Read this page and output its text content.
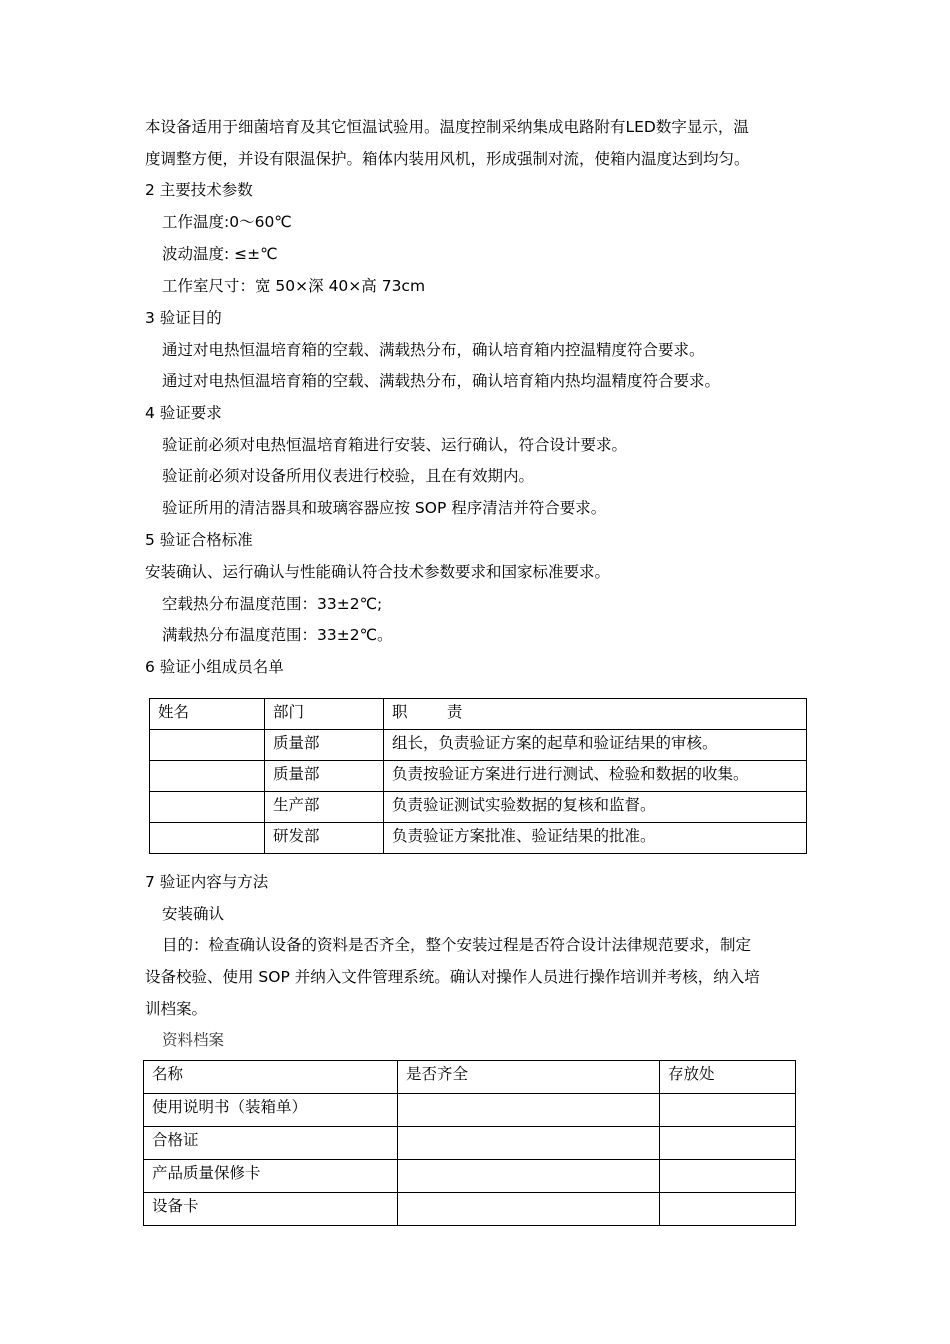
本设备适用于细菌培育及其它恒温试验用。温度控制采纳集成电路附有LED数字显示，温
度调整方便，并设有限温保护。箱体内装用风机，形成强制对流，使箱内温度达到均匀。
2 主要技术参数
工作温度:0～60℃
波动温度: ≤±℃
工作室尺寸：宽 50×深 40×高 73cm
3 验证目的
通过对电热恒温培育箱的空载、满载热分布，确认培育箱内控温精度符合要求。
通过对电热恒温培育箱的空载、满载热分布，确认培育箱内热均温精度符合要求。
4 验证要求
验证前必须对电热恒温培育箱进行安装、运行确认，符合设计要求。
验证前必须对设备所用仪表进行校验，且在有效期内。
验证所用的清洁器具和玻璃容器应按 SOP 程序清洁并符合要求。
5 验证合格标准
安装确认、运行确认与性能确认符合技术参数要求和国家标准要求。
空载热分布温度范围：33±2℃;
满载热分布温度范围：33±2℃。
6 验证小组成员名单
姓名	部门	职        责
	质量部	组长，负责验证方案的起草和验证结果的审核。
	质量部	负责按验证方案进行进行测试、检验和数据的收集。
	生产部	负责验证测试实验数据的复核和监督。
	研发部	负责验证方案批准、验证结果的批准。
7 验证内容与方法
安装确认
目的：检查确认设备的资料是否齐全，整个安装过程是否符合设计法律规范要求，制定
设备校验、使用 SOP 并纳入文件管理系统。确认对操作人员进行操作培训并考核，纳入培
训档案。
资料档案
名称	是否齐全	存放处
使用说明书（装箱单）		
合格证		
产品质量保修卡		
设备卡		
